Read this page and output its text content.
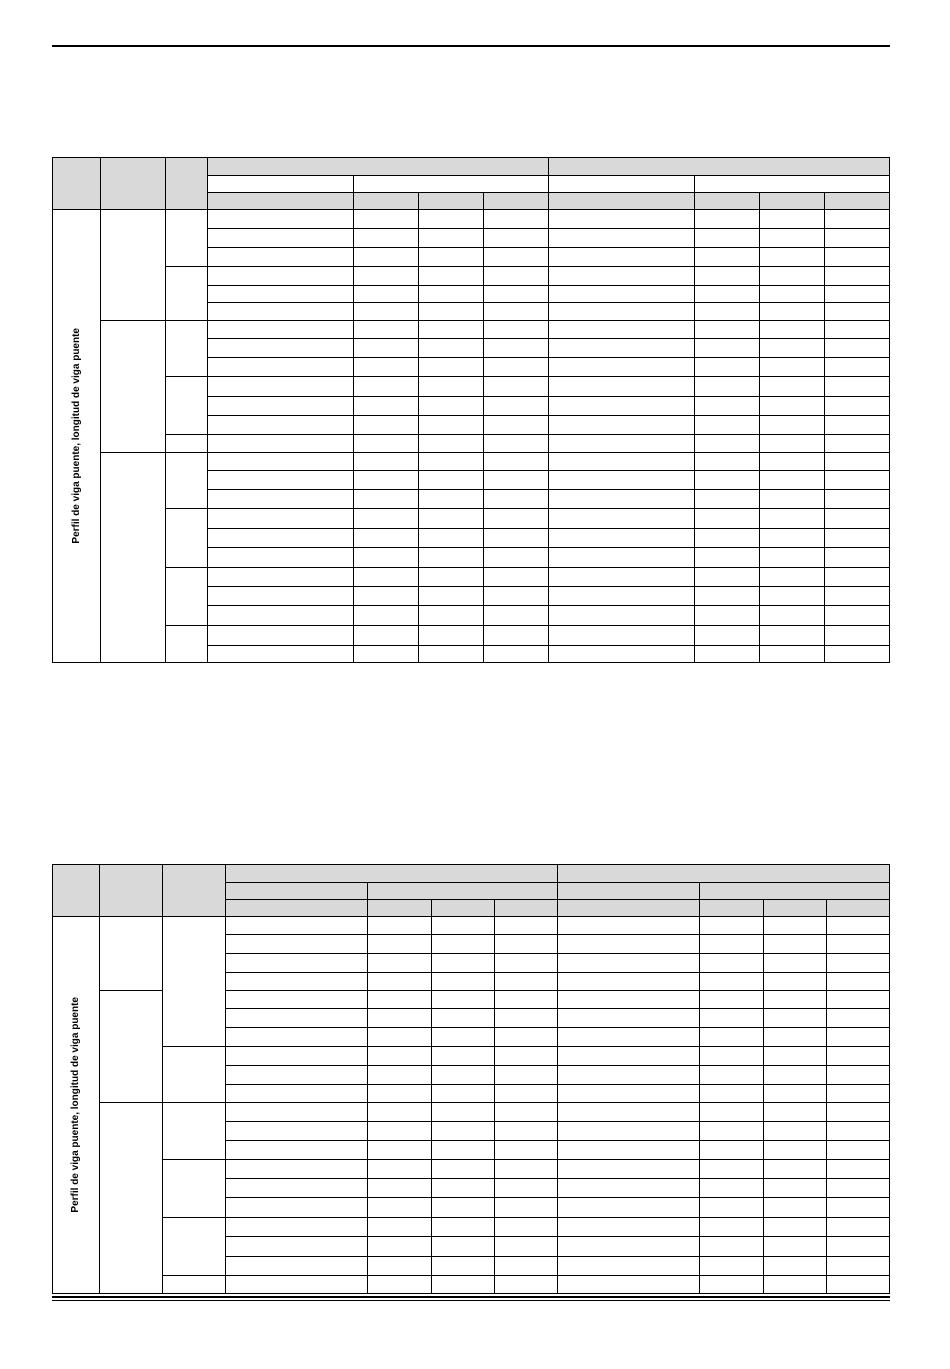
Perfil de viga puente, longitud de viga puente
Perfil de viga puente, longitud de viga puente
